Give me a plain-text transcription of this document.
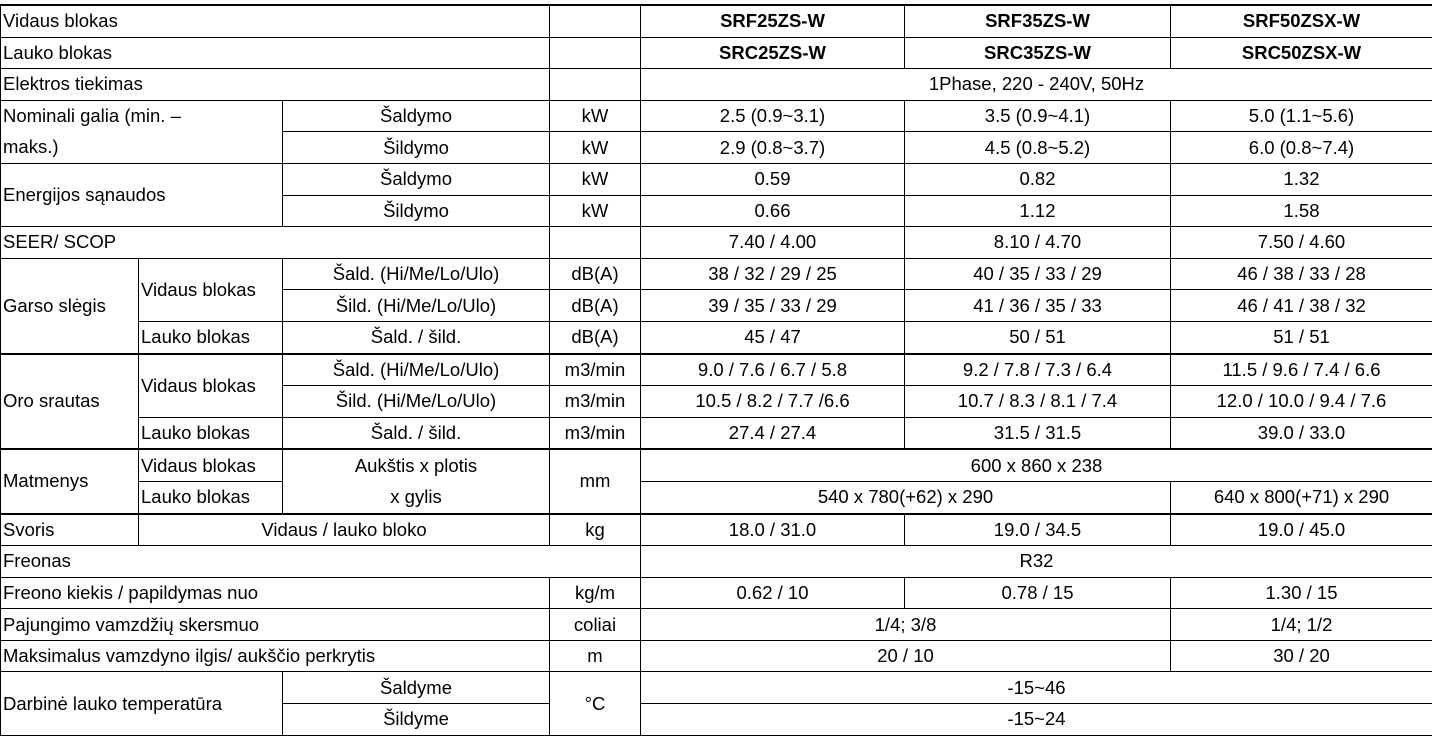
Vidaus blokas				SRF25ZS-W	SRF35ZS-W	SRF50ZSX-W
Lauko blokas				SRC25ZS-W	SRC35ZS-W	SRC50ZSX-W
Elektros tiekimas				1Phase, 220 - 240V, 50Hz		
Nominali galia (min. –		Šaldymo	kW	2.5 (0.9~3.1)	3.5 (0.9~4.1)	5.0 (1.1~5.6)
maks.)		Šildymo	kW	2.9 (0.8~3.7)	4.5 (0.8~5.2)	6.0 (0.8~7.4)
Energijos sąnaudos		Šaldymo	kW	0.59	0.82	1.32
		Šildymo	kW	0.66	1.12	1.58
SEER/ SCOP				7.40 / 4.00	8.10 / 4.70	7.50 / 4.60
Garso slėgis	Vidaus blokas	Šald. (Hi/Me/Lo/Ulo)	dB(A)	38 / 32 / 29 / 25	40 / 35 / 33 / 29	46 / 38 / 33 / 28
		Šild. (Hi/Me/Lo/Ulo)	dB(A)	39 / 35 / 33 / 29	41 / 36 / 35 / 33	46 / 41 / 38 / 32
	Lauko blokas	Šald. / šild.	dB(A)	45 / 47	50 / 51	51 / 51
Oro srautas	Vidaus blokas	Šald. (Hi/Me/Lo/Ulo)	m3/min	9.0 / 7.6 / 6.7 / 5.8	9.2 / 7.8 / 7.3 / 6.4	11.5 / 9.6 / 7.4 / 6.6
		Šild. (Hi/Me/Lo/Ulo)	m3/min	10.5 / 8.2 / 7.7 /6.6	10.7 / 8.3 / 8.1 / 7.4	12.0 / 10.0 / 9.4 / 7.6
	Lauko blokas	Šald. / šild.	m3/min	27.4 / 27.4	31.5 / 31.5	39.0 / 33.0
Matmenys	Vidaus blokas	Aukštis x plotis	mm	600 x 860 x 238		
	Lauko blokas	x gylis		540 x 780(+62) x 290		640 x 800(+71) x 290
Svoris	Vidaus / lauko bloko		kg	18.0 / 31.0	19.0 / 34.5	19.0 / 45.0
Freonas				R32		
Freono kiekis / papildymas nuo			kg/m	0.62 / 10	0.78 / 15	1.30 / 15
Pajungimo vamzdžių skersmuo			coliai	1/4; 3/8		1/4; 1/2
Maksimalus vamzdyno ilgis/ aukščio perkrytis			m	20 / 10		30 / 20
Darbinė lauko temperatūra		Šaldyme	°C	-15~46		
		Šildyme		-15~24		
